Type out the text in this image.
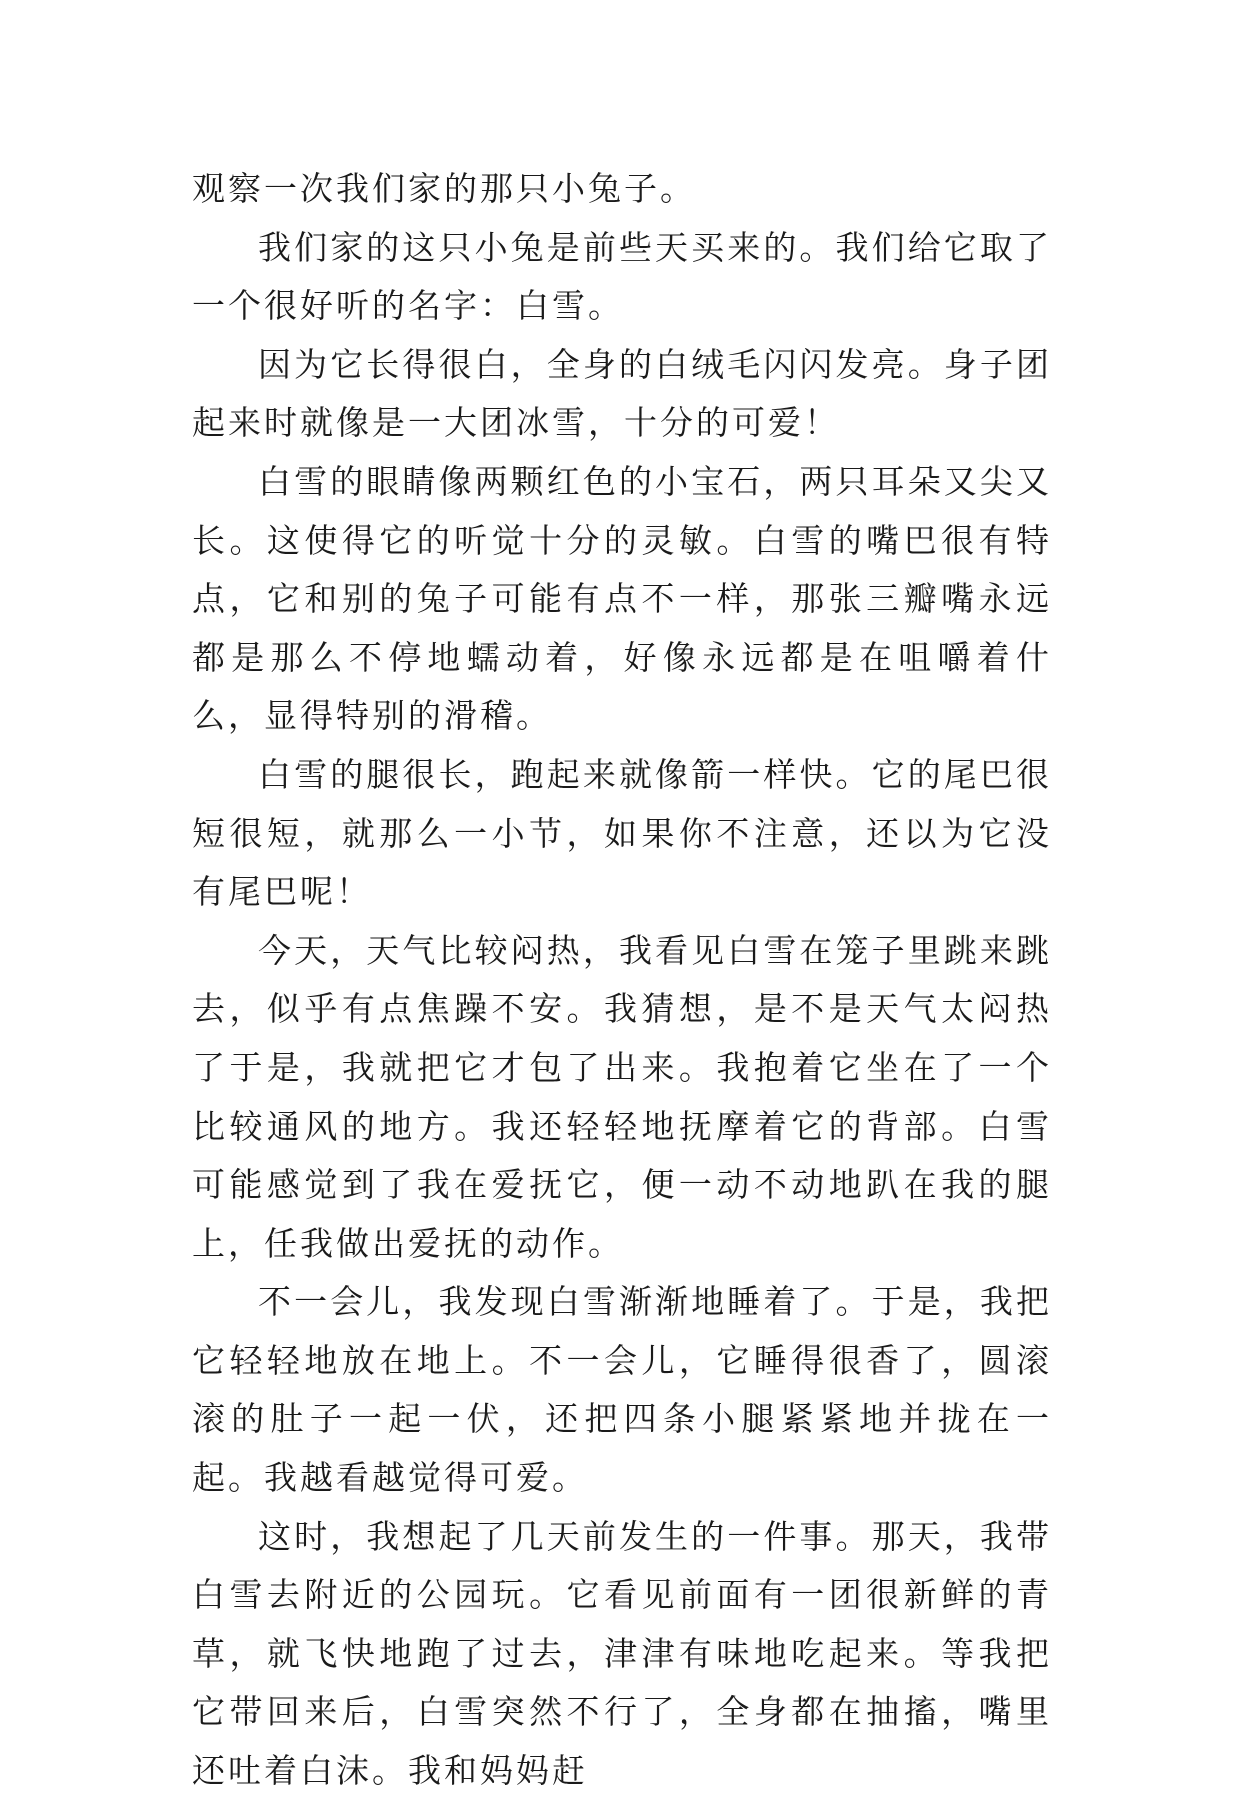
观察一次我们家的那只小兔子。

我们家的这只小兔是前些天买来的。我们给它取了一个很好听的名字：白雪。

因为它长得很白，全身的白绒毛闪闪发亮。身子团起来时就像是一大团冰雪，十分的可爱！

白雪的眼睛像两颗红色的小宝石，两只耳朵又尖又长。这使得它的听觉十分的灵敏。白雪的嘴巴很有特点，它和别的兔子可能有点不一样，那张三瓣嘴永远都是那么不停地蠕动着，好像永远都是在咀嚼着什么，显得特别的滑稽。

白雪的腿很长，跑起来就像箭一样快。它的尾巴很短很短，就那么一小节，如果你不注意，还以为它没有尾巴呢！

今天，天气比较闷热，我看见白雪在笼子里跳来跳去，似乎有点焦躁不安。我猜想，是不是天气太闷热了于是，我就把它才包了出来。我抱着它坐在了一个比较通风的地方。我还轻轻地抚摩着它的背部。白雪可能感觉到了我在爱抚它，便一动不动地趴在我的腿上，任我做出爱抚的动作。

不一会儿，我发现白雪渐渐地睡着了。于是，我把它轻轻地放在地上。不一会儿，它睡得很香了，圆滚滚的肚子一起一伏，还把四条小腿紧紧地并拢在一起。我越看越觉得可爱。

这时，我想起了几天前发生的一件事。那天，我带白雪去附近的公园玩。它看见前面有一团很新鲜的青草，就飞快地跑了过去，津津有味地吃起来。等我把它带回来后，白雪突然不行了，全身都在抽搐，嘴里还吐着白沫。我和妈妈赶
